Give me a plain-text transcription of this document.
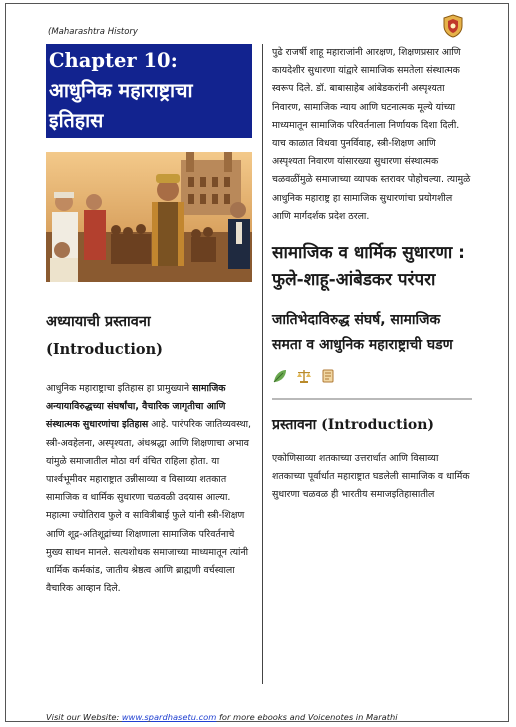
(Maharashtra History
Chapter 10:
आधुनिक महाराष्ट्राचा
इतिहास
अध्यायाची प्रस्तावना
(Introduction)
आधुनिक महाराष्ट्राचा इतिहास हा प्रामुख्याने सामाजिक अन्यायाविरुद्धच्या संघर्षांचा, वैचारिक जागृतीचा आणि संस्थात्मक सुधारणांचा इतिहास आहे. पारंपरिक जातिव्यवस्था, स्त्री-अवहेलना, अस्पृश्यता, अंधश्रद्धा आणि शिक्षणाचा अभाव यांमुळे समाजातील मोठा वर्ग वंचित राहिला होता. या पार्श्वभूमीवर महाराष्ट्रात उन्नीसाव्या व विसाव्या शतकात सामाजिक व धार्मिक सुधारणा चळवळी उदयास आल्या. महात्मा ज्योतिराव फुले व सावित्रीबाई फुले यांनी स्त्री-शिक्षण आणि शूद्र-अतिशूद्रांच्या शिक्षणाला सामाजिक परिवर्तनाचे मुख्य साधन मानले. सत्यशोधक समाजाच्या माध्यमातून त्यांनी धार्मिक कर्मकांड, जातीय श्रेष्ठत्व आणि ब्राह्मणी वर्चस्वाला वैचारिक आव्हान दिले.
पुढे राजर्षी शाहू महाराजांनी आरक्षण, शिक्षणप्रसार आणि कायदेशीर सुधारणा यांद्वारे सामाजिक समतेला संस्थात्मक स्वरूप दिले. डॉ. बाबासाहेब आंबेडकरांनी अस्पृश्यता निवारण, सामाजिक न्याय आणि घटनात्मक मूल्ये यांच्या माध्यमातून सामाजिक परिवर्तनाला निर्णायक दिशा दिली. याच काळात विधवा पुनर्विवाह, स्त्री-शिक्षण आणि अस्पृश्यता निवारण यांसारख्या सुधारणा संस्थात्मक चळवळींमुळे समाजाच्या व्यापक स्तरावर पोहोचल्या. त्यामुळे आधुनिक महाराष्ट्र हा सामाजिक सुधारणांचा प्रयोगशील आणि मार्गदर्शक प्रदेश ठरला.
सामाजिक व धार्मिक सुधारणा : फुले-शाहू-आंबेडकर परंपरा
जातिभेदाविरुद्ध संघर्ष, सामाजिक समता व आधुनिक महाराष्ट्राची घडण
प्रस्तावना (Introduction)
एकोणिसाव्या शतकाच्या उत्तरार्धात आणि विसाव्या शतकाच्या पूर्वार्धात महाराष्ट्रात घडलेली सामाजिक व धार्मिक सुधारणा चळवळ ही भारतीय समाजइतिहासातील
Visit our Website: www.spardhasetu.com for more ebooks and Voicenotes in Marathi
